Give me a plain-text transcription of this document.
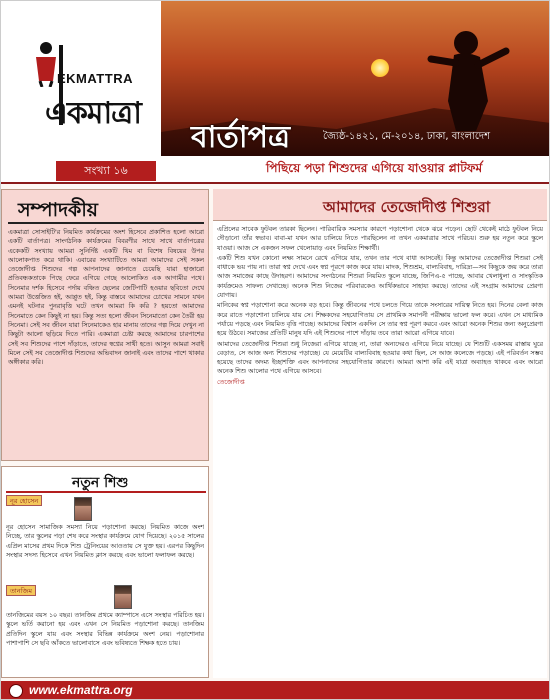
EKMATTRA
একমাত্রা
বার্তাপত্র	জ্যৈষ্ঠ-১৪২১, মে-২০১৪, ঢাকা, বাংলাদেশ
সংখ্যা ১৬	পিছিয়ে পড়া শিশুদের এগিয়ে যাওয়ার প্লাটফর্ম
সম্পাদকীয়
একমাত্রা সোসাইটি'র নিয়মিত কার্যক্রমের অংশ হিসেবে প্রকাশিত হলো আরো একটি বার্তাপত্র। সাংগঠনিক কার্যক্রমের বিবরণীর সাথে সাথে বার্তাপত্রের একেকটি সংখ্যায় আমরা সুনির্দিষ্ট একটি থিম বা বিশেষ বিষয়ের উপর আলোকপাত করে থাকি। এবারের সংখ্যাটিতে আমরা আমাদের সেই সকল তেজোদীপ্ত শিশুদের গল্প আপনাদের জানাতে চেয়েছি যারা হাজারো প্রতিবন্ধকতাকে পিছে ফেরে এগিয়ে গেছে আলোকিত এক আগামীর পথে। সিনেমার দর্শক হিসেবে পর্দায় বঞ্চিত ছেলের জেটিপাটি হওয়ার ছবিতো দেখে আমরা উত্তেজিত হই, আপ্লুত হই, কিন্তু বাস্তবে আমাদের চোখের সামনে যখন এমনই ঘটনার পুনরাবৃত্তি ঘটে তখন আমরা কি করি ? হয়তো আমাদের সিনেমাতে কেন কিছুই না হয়। কিন্তু সত্য হলো জীবন সিনেমাতো কেন তৈরী হয় সিনেমা। সেই সব জীবন যারা সিনেমাকেও হার মানায় তাদের গল্প দিয়ে দেখুন না কিছুটা আলো ছড়িয়ে দিতে পারি। একমাত্রা চেষ্টা করছে আমাদের চারপাশের সেই সব শিশুদের পাশে দাঁড়াতে, তাদের স্বপ্নের সাথী হতে। আসুন আমরা সবাই মিলে সেই সব তেজোদীপ্ত শিশুদের অভিবাদন জানাই এবং তাদের পাশে থাকার অঙ্গীকার করি।
নতুন শিশু
নূর হোসেন
নূর হোসেন সামাজিক সমস্যা নিয়ে পড়াশোনা করছে। নিয়মিত কাজে অংশ নিচ্ছে, তার স্কুলের পড়া শেষ করে সংস্থার কার্যক্রমে যোগ দিয়েছে। ২০১৫ সালের এপ্রিল মাসের প্রথম দিকে শিশু ট্রেনিংয়ের আওতায় সে যুক্ত হয়। এরপর কিছুদিন সংস্থার সদস্য হিসেবে এখন নিয়মিত ক্লাস করছে এবং ভালো ফলাফল করছে।
তানজিম
তানজিমের বয়স ১০ বছর। তানজিম প্রথমে ক্যাম্পাসে এসে সংস্থার পরিচিত হয়। স্কুলে ভর্তি করানো হয় এবং এখন সে নিয়মিত পড়াশোনা করছে। তানজিম প্রতিদিন স্কুলে যায় এবং সংস্থার বিভিন্ন কার্যক্রমে অংশ নেয়। পড়াশোনার পাশাপাশি সে ছবি আঁকতে ভালোবাসে এবং ভবিষ্যতে শিক্ষক হতে চায়।
আমাদের তেজোদীপ্ত শিশুরা

এপ্রিলের সাবেক ফুটবল তারকা ছিলেন। পারিবারিক সমস্যার কারণে পড়াশোনা থেকে ঝরে পড়েন। ছোট থেকেই মাঠে ফুটবল নিয়ে দৌড়ানো তাঁর স্বভাব। বাবা-মা যখন আর চালিয়ে নিতে পারছিলেন না তখন একমাত্রার সাথে পরিচয়। শুরু হয় নতুন করে স্কুলে যাওয়া। আজ সে একজন সফল খেলোয়াড় এবং নিয়মিত শিক্ষার্থী।

একটি শিশু যখন কোনো লক্ষ্য সামনে রেখে এগিয়ে যায়, তখন তার পথে বাধা আসবেই। কিন্তু আমাদের তেজোদীপ্ত শিশুরা সেই বাধাকে ভয় পায় না। তারা স্বপ্ন দেখে এবং স্বপ্ন পূরণে কাজ করে যায়। মাদক, শিশুশ্রম, বাল্যবিবাহ, দারিদ্র্য—সব কিছুকে জয় করে তারা আজ সমাজের কাছে উদাহরণ। আমাদের সংগঠনের শিশুরা নিয়মিত স্কুলে যাচ্ছে, জিপিএ-৫ পাচ্ছে, আবার খেলাধুলা ও সাংস্কৃতিক কার্যক্রমেও সাফল্য দেখাচ্ছে। অনেক শিশু নিজের পরিবারকেও আর্থিকভাবে সাহায্য করছে। তাদের এই সংগ্রাম আমাদের প্রেরণা যোগায়।

মানিকের স্বপ্ন পড়াশোনা করে অনেক বড় হবে। কিন্তু জীবনের পথে চলতে গিয়ে তাকে সংসারের দায়িত্ব নিতে হয়। দিনের বেলা কাজ করে রাতে পড়াশোনা চালিয়ে যায় সে। শিক্ষকদের সহযোগিতায় সে প্রাথমিক সমাপনী পরীক্ষায় ভালো ফল করে। এখন সে মাধ্যমিক পর্যায়ে পড়ছে এবং নিয়মিত বৃত্তি পাচ্ছে। আমাদের বিশ্বাস একদিন সে তার স্বপ্ন পূরণ করবে এবং আরো অনেক শিশুর জন্য অনুপ্রেরণা হয়ে উঠবে। সমাজের প্রতিটি মানুষ যদি এই শিশুদের পাশে দাঁড়ায় তবে তারা আরো এগিয়ে যাবে।

আমাদের তেজোদীপ্ত শিশুরা শুধু নিজেরা এগিয়ে যাচ্ছে না, তারা অন্যদেরও এগিয়ে নিয়ে যাচ্ছে। যে শিশুটি একসময় রাস্তায় ঘুরে বেড়াত, সে আজ অন্য শিশুদের পড়াচ্ছে। যে মেয়েটির বাল্যবিবাহ হওয়ার কথা ছিল, সে আজ কলেজে পড়ছে। এই পরিবর্তন সম্ভব হয়েছে তাদের অদম্য ইচ্ছাশক্তি এবং আপনাদের সহযোগিতার কারণে। আমরা আশা করি এই যাত্রা অব্যাহত থাকবে এবং আরো অনেক শিশু আলোর পথে এগিয়ে আসবে।

তেজোদীপ্ত

www.ekmattra.org
